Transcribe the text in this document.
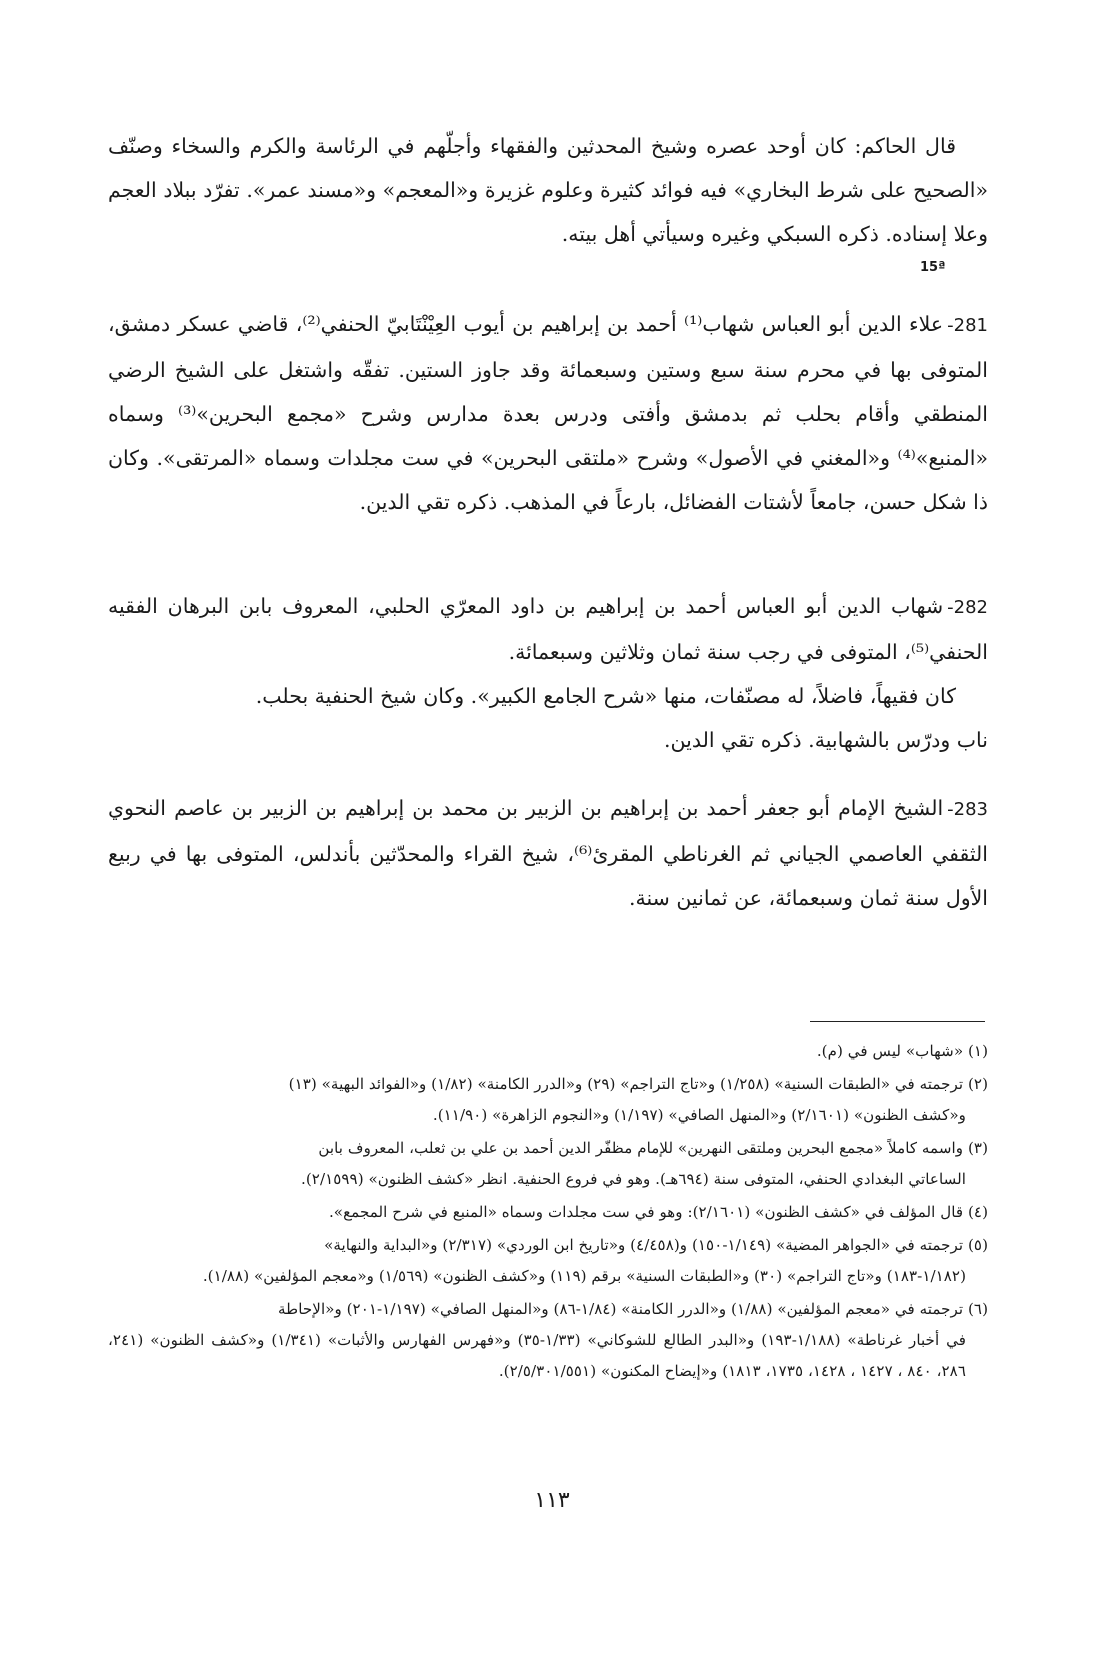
قال الحاكم: كان أوحد عصره وشيخ المحدثين والفقهاء وأجلّهم في الرئاسة والكرم والسخاء وصنّف «الصحيح على شرط البخاري» فيه فوائد كثيرة وعلوم غزيرة و«المعجم» و«مسند عمر». تفرّد ببلاد العجم وعلا إسناده. ذكره السبكي وغيره وسيأتي أهل بيته.

15ª
281-علاء الدين أبو العباس شهاب⁽¹⁾ أحمد بن إبراهيم بن أيوب العِيْنْتَابيّ الحنفي⁽²⁾، قاضي عسكر دمشق، المتوفى بها في محرم سنة سبع وستين وسبعمائة وقد جاوز الستين. تفقّه واشتغل على الشيخ الرضي المنطقي وأقام بحلب ثم بدمشق وأفتى ودرس بعدة مدارس وشرح «مجمع البحرين»⁽³⁾ وسماه «المنبع»⁽⁴⁾ و«المغني في الأصول» وشرح «ملتقى البحرين» في ست مجلدات وسماه «المرتقى». وكان ذا شكل حسن، جامعاً لأشتات الفضائل، بارعاً في المذهب. ذكره تقي الدين.
282-شهاب الدين أبو العباس أحمد بن إبراهيم بن داود المعرّي الحلبي، المعروف بابن البرهان الفقيه الحنفي⁽⁵⁾، المتوفى في رجب سنة ثمان وثلاثين وسبعمائة.
كان فقيهاً، فاضلاً، له مصنّفات، منها «شرح الجامع الكبير». وكان شيخ الحنفية بحلب.
ناب ودرّس بالشهابية. ذكره تقي الدين.
283-الشيخ الإمام أبو جعفر أحمد بن إبراهيم بن الزبير بن محمد بن إبراهيم بن الزبير بن عاصم النحوي الثقفي العاصمي الجياني ثم الغرناطي المقرئ⁽⁶⁾، شيخ القراء والمحدّثين بأندلس، المتوفى بها في ربيع الأول سنة ثمان وسبعمائة، عن ثمانين سنة.
(١) «شهاب» ليس في (م).
(٢) ترجمته في «الطبقات السنية» (١/٢٥٨) و«تاج التراجم» (٢٩) و«الدرر الكامنة» (١/٨٢) و«الفوائد البهية» (١٣)
و«كشف الظنون» (٢/١٦٠١) و«المنهل الصافي» (١/١٩٧) و«النجوم الزاهرة» (١١/٩٠).
(٣) واسمه كاملاً «مجمع البحرين وملتقى النهرين» للإمام مظفّر الدين أحمد بن علي بن ثعلب، المعروف بابن
الساعاتي البغدادي الحنفي، المتوفى سنة (٦٩٤هـ). وهو في فروع الحنفية. انظر «كشف الظنون» (٢/١٥٩٩).
(٤) قال المؤلف في «كشف الظنون» (٢/١٦٠١): وهو في ست مجلدات وسماه «المنبع في شرح المجمع».
(٥) ترجمته في «الجواهر المضية» (١/١٤٩-١٥٠) و(٤/٤٥٨) و«تاريخ ابن الوردي» (٢/٣١٧) و«البداية والنهاية»
(١/١٨٢-١٨٣) و«تاج التراجم» (٣٠) و«الطبقات السنية» برقم (١١٩) و«كشف الظنون» (١/٥٦٩) و«معجم المؤلفين» (١/٨٨).
(٦) ترجمته في «معجم المؤلفين» (١/٨٨) و«الدرر الكامنة» (١/٨٤-٨٦) و«المنهل الصافي» (١/١٩٧-٢٠١) و«الإحاطة
في أخبار غرناطة» (١/١٨٨-١٩٣) و«البدر الطالع للشوكاني» (١/٣٣-٣٥) و«فهرس الفهارس والأثبات» (١/٣٤١) و«كشف الظنون» (٢٤١، ٢٨٦، ٨٤٠ ، ١٤٢٧ ، ١٤٢٨، ١٧٣٥، ١٨١٣) و«إيضاح المكنون» (٢/٥/٣٠١/٥٥١).
١١٣
